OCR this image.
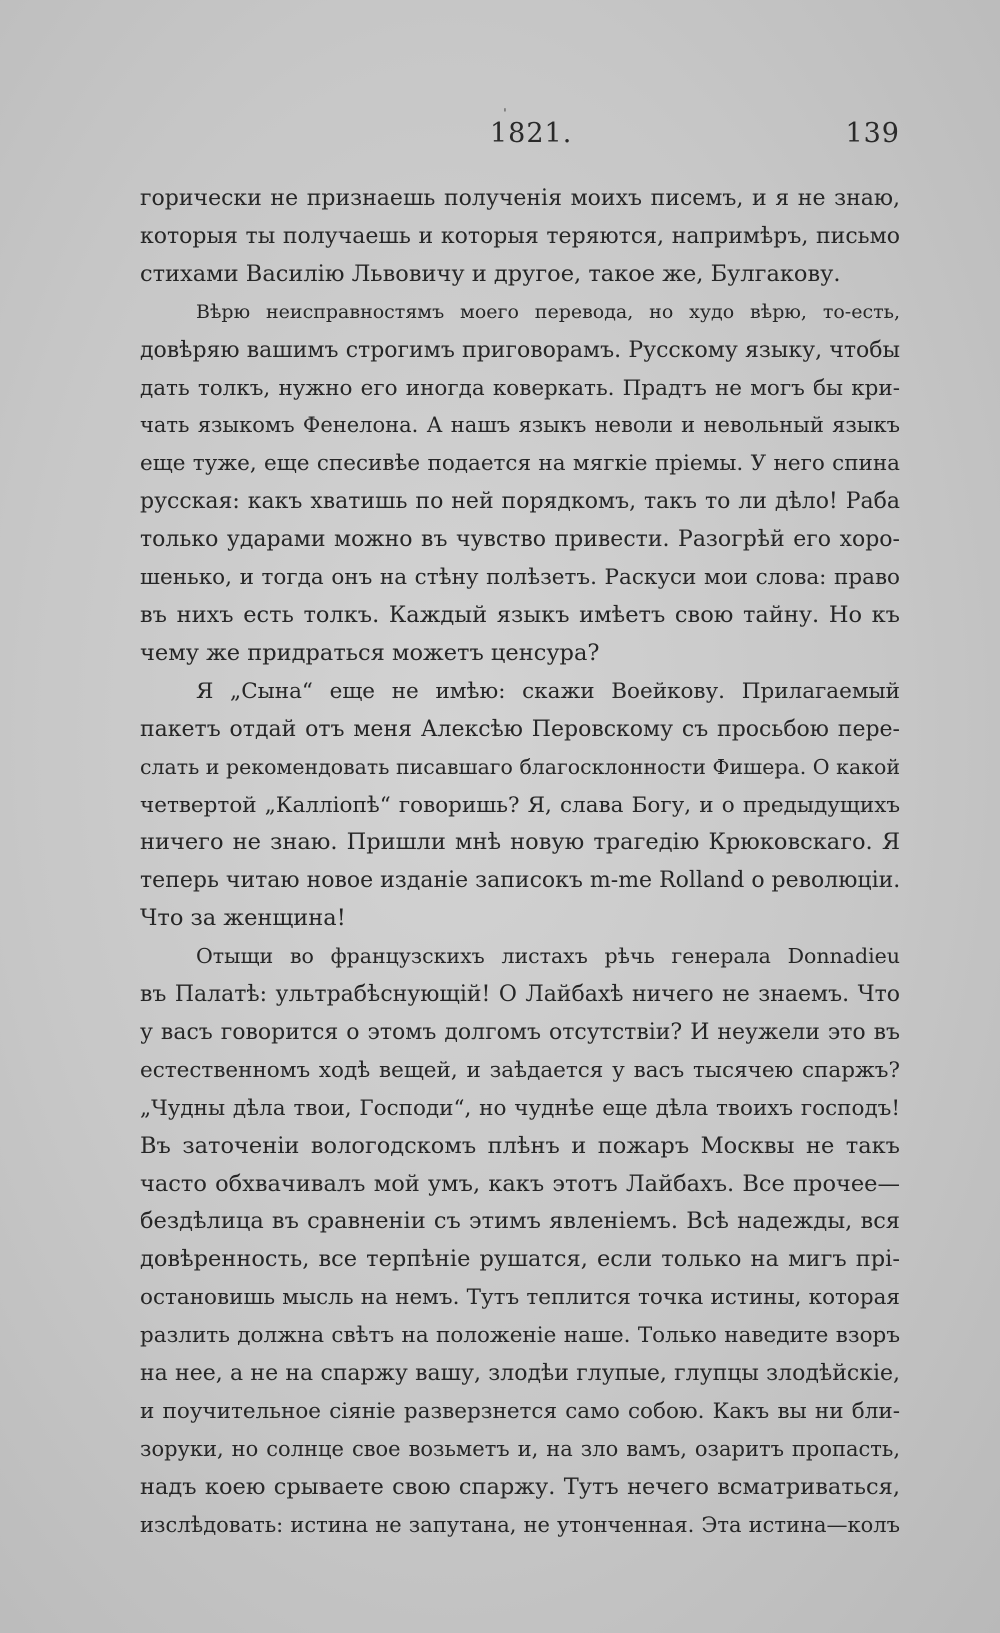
ˌ
1821.	139
горически не признаешь полученія моихъ писемъ, и я не знаю,
которыя ты получаешь и которыя теряются, напримѣръ, письмо
стихами Василію Львовичу и другое, такое же, Булгакову.
Вѣрю неисправностямъ моего перевода, но худо вѣрю, то-есть,
довѣряю вашимъ строгимъ приговорамъ. Русскому языку, чтобы
дать толкъ, нужно его иногда коверкать. Прадтъ не могъ бы кри-
чать языкомъ Фенелона. А нашъ языкъ неволи и невольный языкъ
еще туже, еще спесивѣе подается на мягкіе пріемы. У него спина
русская: какъ хватишь по ней порядкомъ, такъ то ли дѣло! Раба
только ударами можно въ чувство привести. Разогрѣй его хоро-
шенько, и тогда онъ на стѣну полѣзетъ. Раскуси мои слова: право
въ нихъ есть толкъ. Каждый языкъ имѣетъ свою тайну. Но къ
чему же придраться можетъ ценсура?
Я „Сына“ еще не имѣю: скажи Воейкову. Прилагаемый
пакетъ отдай отъ меня Алексѣю Перовскому съ просьбою пере-
слать и рекомендовать писавшаго благосклонности Фишера. О какой
четвертой „Калліопѣ“ говоришь? Я, слава Богу, и о предыдущихъ
ничего не знаю. Пришли мнѣ новую трагедію Крюковскаго. Я
теперь читаю новое изданіе записокъ m-me Rolland о революціи.
Что за женщина!
Отыщи во французскихъ листахъ рѣчь генерала Donnadieu
въ Палатѣ: ультрабѣснующій! О Лайбахѣ ничего не знаемъ. Что
у васъ говорится о этомъ долгомъ отсутствіи? И неужели это въ
естественномъ ходѣ вещей, и заѣдается у васъ тысячею спаржъ?
„Чудны дѣла твои, Господи“, но чуднѣе еще дѣла твоихъ господъ!
Въ заточеніи вологодскомъ плѣнъ и пожаръ Москвы не такъ
часто обхвачивалъ мой умъ, какъ этотъ Лайбахъ. Все прочее—
бездѣлица въ сравненіи съ этимъ явленіемъ. Всѣ надежды, вся
довѣренность, все терпѣніе рушатся, если только на мигъ прі-
остановишь мысль на немъ. Тутъ теплится точка истины, которая
разлить должна свѣтъ на положеніе наше. Только наведите взоръ
на нее, а не на спаржу вашу, злодѣи глупые, глупцы злодѣйскіе,
и поучительное сіяніе разверзнется само собою. Какъ вы ни бли-
зоруки, но солнце свое возьметъ и, на зло вамъ, озаритъ пропасть,
надъ коею срываете свою спаржу. Тутъ нечего всматриваться,
изслѣдовать: истина не запутана, не утонченная. Эта истина—колъ
